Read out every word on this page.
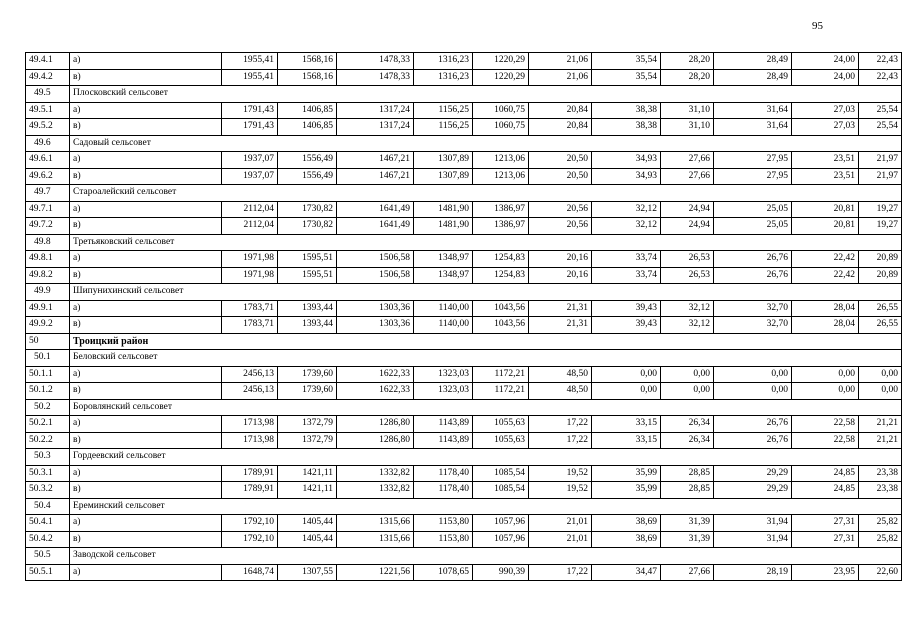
95
49.4.1	а)	1955,41	1568,16	1478,33	1316,23	1220,29	21,06	35,54	28,20	28,49	24,00	22,43
49.4.2	в)	1955,41	1568,16	1478,33	1316,23	1220,29	21,06	35,54	28,20	28,49	24,00	22,43
49.5	Плосковский сельсовет											
49.5.1	а)	1791,43	1406,85	1317,24	1156,25	1060,75	20,84	38,38	31,10	31,64	27,03	25,54
49.5.2	в)	1791,43	1406,85	1317,24	1156,25	1060,75	20,84	38,38	31,10	31,64	27,03	25,54
49.6	Садовый сельсовет											
49.6.1	а)	1937,07	1556,49	1467,21	1307,89	1213,06	20,50	34,93	27,66	27,95	23,51	21,97
49.6.2	в)	1937,07	1556,49	1467,21	1307,89	1213,06	20,50	34,93	27,66	27,95	23,51	21,97
49.7	Староалейский сельсовет											
49.7.1	а)	2112,04	1730,82	1641,49	1481,90	1386,97	20,56	32,12	24,94	25,05	20,81	19,27
49.7.2	в)	2112,04	1730,82	1641,49	1481,90	1386,97	20,56	32,12	24,94	25,05	20,81	19,27
49.8	Третьяковский сельсовет											
49.8.1	а)	1971,98	1595,51	1506,58	1348,97	1254,83	20,16	33,74	26,53	26,76	22,42	20,89
49.8.2	в)	1971,98	1595,51	1506,58	1348,97	1254,83	20,16	33,74	26,53	26,76	22,42	20,89
49.9	Шипунихинский сельсовет											
49.9.1	а)	1783,71	1393,44	1303,36	1140,00	1043,56	21,31	39,43	32,12	32,70	28,04	26,55
49.9.2	в)	1783,71	1393,44	1303,36	1140,00	1043,56	21,31	39,43	32,12	32,70	28,04	26,55
50	Троицкий район											
50.1	Беловский сельсовет											
50.1.1	а)	2456,13	1739,60	1622,33	1323,03	1172,21	48,50	0,00	0,00	0,00	0,00	0,00
50.1.2	в)	2456,13	1739,60	1622,33	1323,03	1172,21	48,50	0,00	0,00	0,00	0,00	0,00
50.2	Боровлянский сельсовет											
50.2.1	а)	1713,98	1372,79	1286,80	1143,89	1055,63	17,22	33,15	26,34	26,76	22,58	21,21
50.2.2	в)	1713,98	1372,79	1286,80	1143,89	1055,63	17,22	33,15	26,34	26,76	22,58	21,21
50.3	Гордеевский сельсовет											
50.3.1	а)	1789,91	1421,11	1332,82	1178,40	1085,54	19,52	35,99	28,85	29,29	24,85	23,38
50.3.2	в)	1789,91	1421,11	1332,82	1178,40	1085,54	19,52	35,99	28,85	29,29	24,85	23,38
50.4	Ереминский сельсовет											
50.4.1	а)	1792,10	1405,44	1315,66	1153,80	1057,96	21,01	38,69	31,39	31,94	27,31	25,82
50.4.2	в)	1792,10	1405,44	1315,66	1153,80	1057,96	21,01	38,69	31,39	31,94	27,31	25,82
50.5	Заводской сельсовет											
50.5.1	а)	1648,74	1307,55	1221,56	1078,65	990,39	17,22	34,47	27,66	28,19	23,95	22,60
